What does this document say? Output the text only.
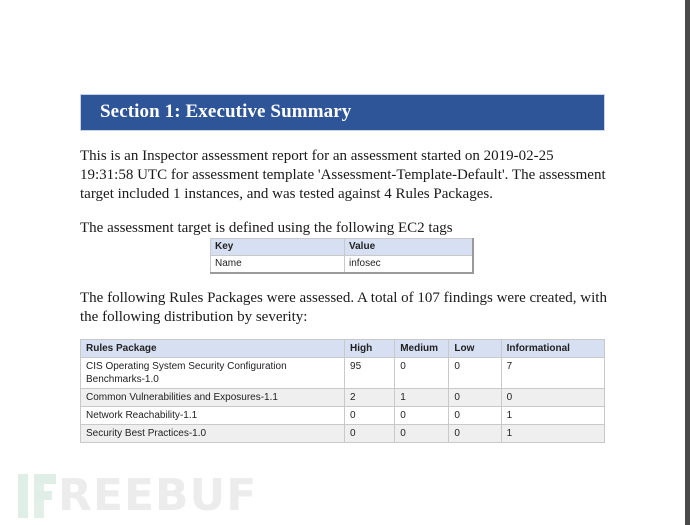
Section 1: Executive Summary
This is an Inspector assessment report for an assessment started on 2019-02-25 19:31:58 UTC for assessment template 'Assessment-Template-Default'. The assessment target included 1 instances, and was tested against 4 Rules Packages.
The assessment target is defined using the following EC2 tags
Key	Value
Name	infosec
The following Rules Packages were assessed. A total of 107 findings were created, with the following distribution by severity:
Rules Package	High	Medium	Low	Informational
CIS Operating System Security Configuration Benchmarks-1.0	95	0	0	7
Common Vulnerabilities and Exposures-1.1	2	1	0	0
Network Reachability-1.1	0	0	0	1
Security Best Practices-1.0	0	0	0	1
REEBUF
